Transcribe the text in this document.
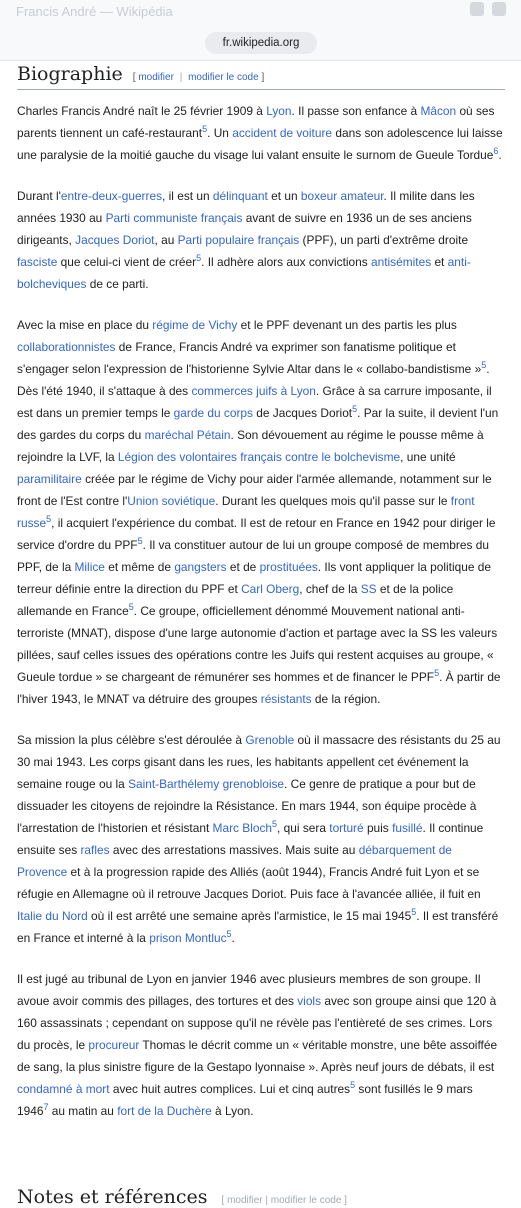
Francis André — Wikipédia
fr.wikipedia.org
Biographie [ modifier | modifier le code ]

Charles Francis André naît le 25 février 1909 à Lyon. Il passe son enfance à Mâcon où ses parents tiennent un café-restaurant$^5$. Un accident de voiture dans son adolescence lui laisse une paralysie de la moitié gauche du visage lui valant ensuite le surnom de Gueule Tordue$^6$.

Durant l'entre-deux-guerres, il est un délinquant et un boxeur amateur. Il milite dans les années 1930 au Parti communiste français avant de suivre en 1936 un de ses anciens dirigeants, Jacques Doriot, au Parti populaire français (PPF), un parti d'extrême droite fasciste que celui-ci vient de créer$^5$. Il adhère alors aux convictions antisémites et anti-bolcheviques de ce parti.

Avec la mise en place du régime de Vichy et le PPF devenant un des partis les plus collaborationnistes de France, Francis André va exprimer son fanatisme politique et s'engager selon l'expression de l'historienne Sylvie Altar dans le « collabo-bandistisme »$^5$. Dès l'été 1940, il s'attaque à des commerces juifs à Lyon. Grâce à sa carrure imposante, il est dans un premier temps le garde du corps de Jacques Doriot$^5$. Par la suite, il devient l'un des gardes du corps du maréchal Pétain. Son dévouement au régime le pousse même à rejoindre la LVF, la Légion des volontaires français contre le bolchevisme, une unité paramilitaire créée par le régime de Vichy pour aider l'armée allemande, notamment sur le front de l'Est contre l'Union soviétique. Durant les quelques mois qu'il passe sur le front russe$^5$, il acquiert l'expérience du combat. Il est de retour en France en 1942 pour diriger le service d'ordre du PPF$^5$. Il va constituer autour de lui un groupe composé de membres du PPF, de la Milice et même de gangsters et de prostituées. Ils vont appliquer la politique de terreur définie entre la direction du PPF et Carl Oberg, chef de la SS et de la police allemande en France$^5$. Ce groupe, officiellement dénommé Mouvement national anti-terroriste (MNAT), dispose d'une large autonomie d'action et partage avec la SS les valeurs pillées, sauf celles issues des opérations contre les Juifs qui restent acquises au groupe, « Gueule tordue » se chargeant de rémunérer ses hommes et de financer le PPF$^5$. À partir de l'hiver 1943, le MNAT va détruire des groupes résistants de la région.

Sa mission la plus célèbre s'est déroulée à Grenoble où il massacre des résistants du 25 au 30 mai 1943. Les corps gisant dans les rues, les habitants appellent cet événement la semaine rouge ou la Saint-Barthélemy grenobloise. Ce genre de pratique a pour but de dissuader les citoyens de rejoindre la Résistance. En mars 1944, son équipe procède à l'arrestation de l'historien et résistant Marc Bloch$^5$, qui sera torturé puis fusillé. Il continue ensuite ses rafles avec des arrestations massives. Mais suite au débarquement de Provence et à la progression rapide des Alliés (août 1944), Francis André fuit Lyon et se réfugie en Allemagne où il retrouve Jacques Doriot. Puis face à l'avancée alliée, il fuit en Italie du Nord où il est arrêté une semaine après l'armistice, le 15 mai 1945$^5$. Il est transféré en France et interné à la prison Montluc$^5$.

Il est jugé au tribunal de Lyon en janvier 1946 avec plusieurs membres de son groupe. Il avoue avoir commis des pillages, des tortures et des viols avec son groupe ainsi que 120 à 160 assassinats ; cependant on suppose qu'il ne révèle pas l'entièreté de ses crimes. Lors du procès, le procureur Thomas le décrit comme un « véritable monstre, une bête assoiffée de sang, la plus sinistre figure de la Gestapo lyonnaise ». Après neuf jours de débats, il est condamné à mort avec huit autres complices. Lui et cinq autres$^5$ sont fusillés le 9 mars 1946$^7$ au matin au fort de la Duchère à Lyon.

Notes et références [ modifier | modifier le code ]
